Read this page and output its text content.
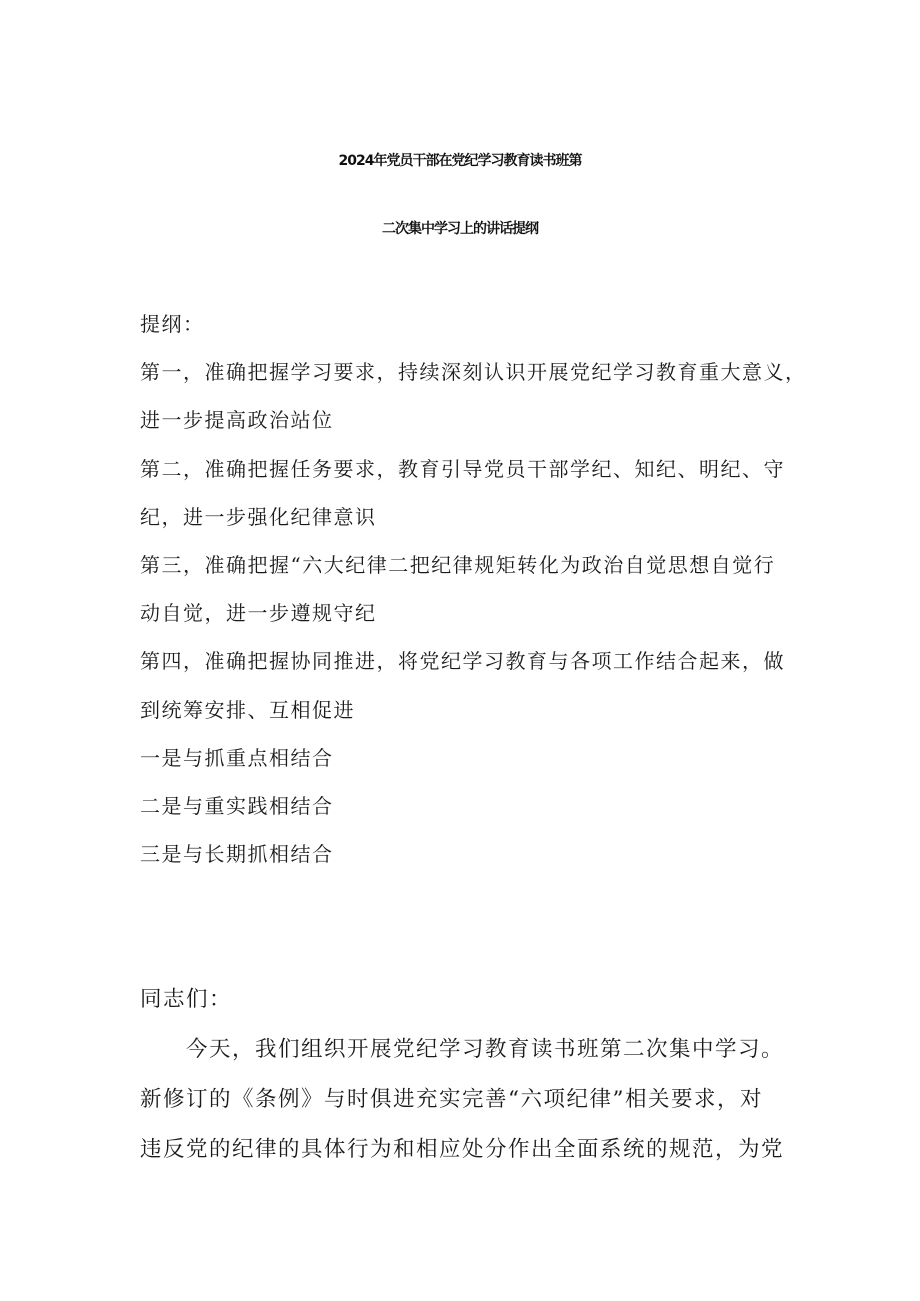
2024年党员干部在党纪学习教育读书班第
二次集中学习上的讲话提纲

提纲：

第一，准确把握学习要求，持续深刻认识开展党纪学习教育重大意义，

进一步提高政治站位

第二，准确把握任务要求，教育引导党员干部学纪、知纪、明纪、守

纪，进一步强化纪律意识

第三，准确把握“六大纪律二把纪律规矩转化为政治自觉思想自觉行

动自觉，进一步遵规守纪

第四，准确把握协同推进，将党纪学习教育与各项工作结合起来，做

到统筹安排、互相促进

一是与抓重点相结合

二是与重实践相结合

三是与长期抓相结合

同志们：

今天，我们组织开展党纪学习教育读书班第二次集中学习。

新修订的《条例》与时俱进充实完善“六项纪律”相关要求，对

违反党的纪律的具体行为和相应处分作出全面系统的规范，为党
